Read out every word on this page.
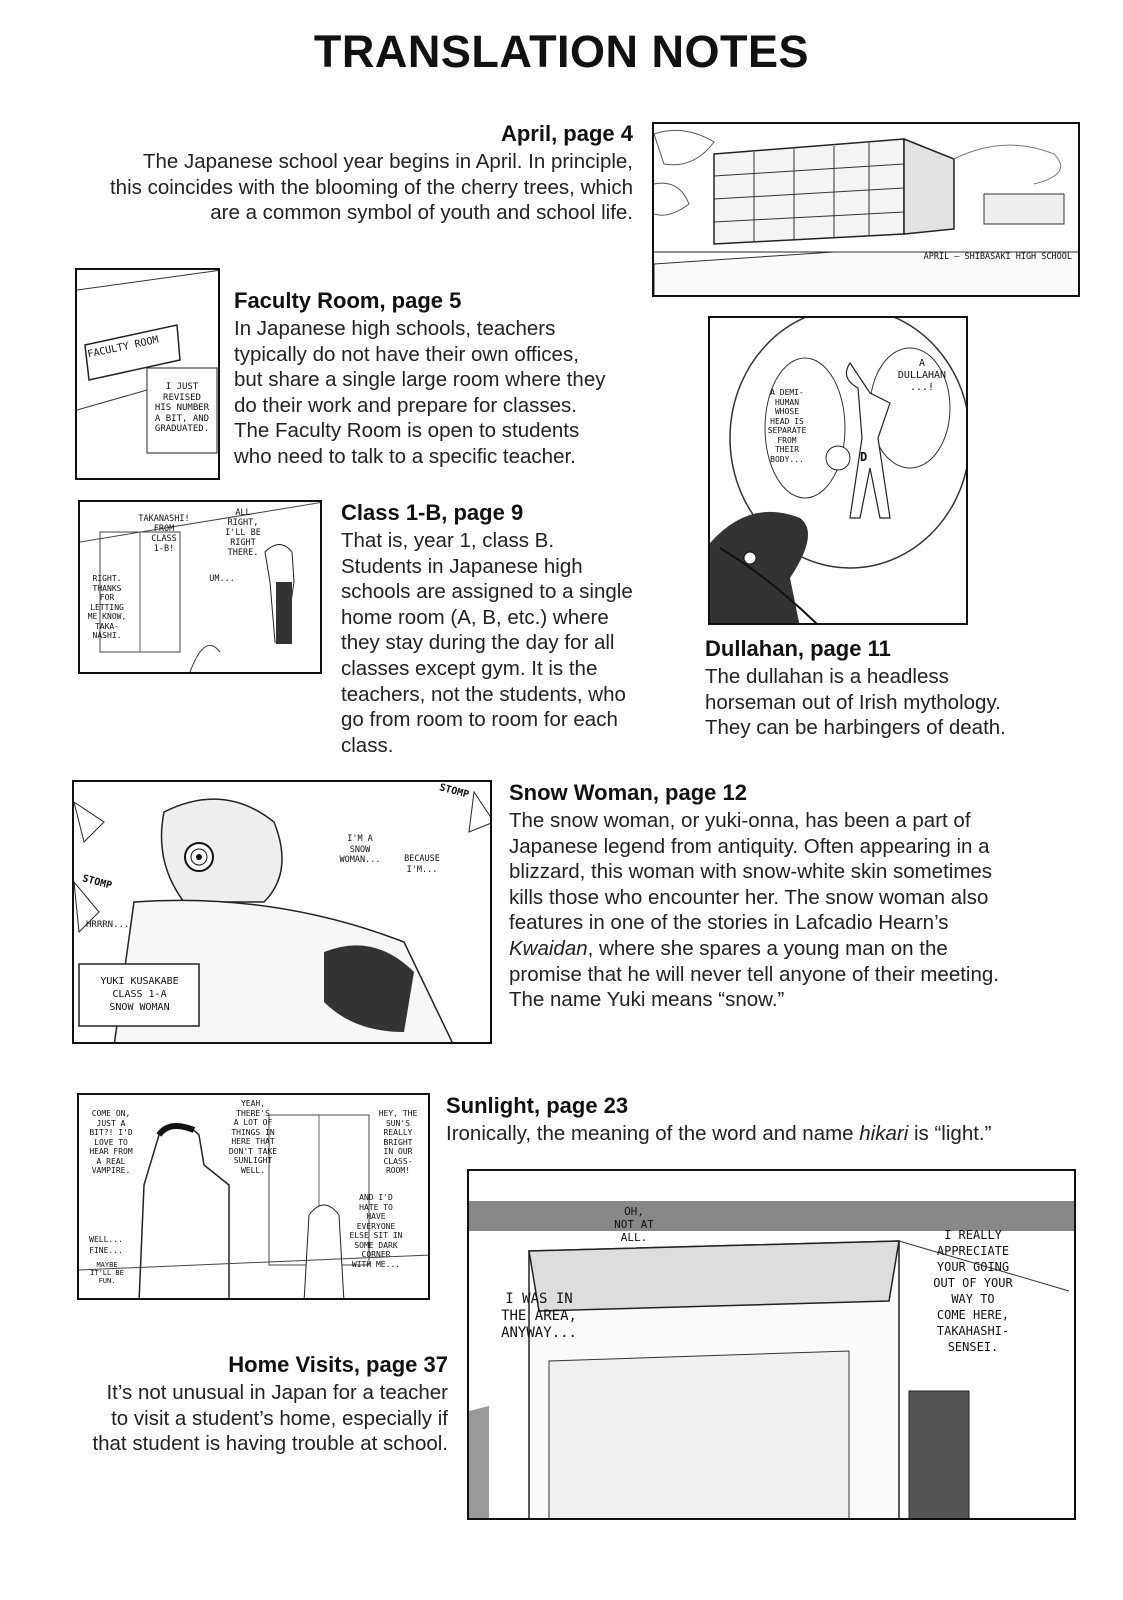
TRANSLATION NOTES

April, page 4

The Japanese school year begins in April. In principle,

this coincides with the blooming of the cherry trees, which

are a common symbol of youth and school life.

APRIL – SHIBASAKI HIGH SCHOOL
FACULTY ROOM
I JUST
REVISED
HIS NUMBER
A BIT, AND
GRADUATED.

Faculty Room, page 5

In Japanese high schools, teachers

typically do not have their own offices,

but share a single large room where they

do their work and prepare for classes.

The Faculty Room is open to students

who need to talk to a specific teacher.

A DEMI-
HUMAN
WHOSE
HEAD IS
SEPARATE
FROM
THEIR
BODY...
A
DULLAHAN
...!
D
TAKANASHI!
FROM
CLASS
1-B!
ALL
RIGHT,
I'LL BE
RIGHT
THERE.
UM...
RIGHT.
THANKS
FOR
LETTING
ME KNOW,
TAKA-
NASHI.

Class 1-B, page 9

That is, year 1, class B.

Students in Japanese high

schools are assigned to a single

home room (A, B, etc.) where

they stay during the day for all

classes except gym. It is the

teachers, not the students, who

go from room to room for each

class.

Dullahan, page 11

The dullahan is a headless

horseman out of Irish mythology.

They can be harbingers of death.

I'M A
SNOW
WOMAN...	BECAUSE
I'M...
YUKI KUSAKABE
CLASS 1-A
SNOW WOMAN
STOMP
STOMP
HRRRN...

Snow Woman, page 12

The snow woman, or yuki-onna, has been a part of

Japanese legend from antiquity. Often appearing in a

blizzard, this woman with snow-white skin sometimes

kills those who encounter her. The snow woman also

features in one of the stories in Lafcadio Hearn’s

Kwaidan, where she spares a young man on the

promise that he will never tell anyone of their meeting.

The name Yuki means “snow.”

COME ON,
JUST A
BIT?! I'D
LOVE TO
HEAR FROM
A REAL
VAMPIRE.
YEAH,
THERE'S
A LOT OF
THINGS IN
HERE THAT
DON'T TAKE
SUNLIGHT
WELL.
HEY, THE
SUN'S
REALLY
BRIGHT
IN OUR
CLASS-
ROOM!
AND I'D
HATE TO
HAVE
EVERYONE
ELSE SIT IN
SOME DARK
CORNER
WITH ME...
WELL...
FINE...
MAYBE
IT'LL BE
FUN.

Sunlight, page 23

Ironically, the meaning of the word and name hikari is “light.”

OH,
NOT AT
ALL.
I WAS IN
THE AREA,
ANYWAY...
I REALLY
APPRECIATE
YOUR GOING
OUT OF YOUR
WAY TO
COME HERE,
TAKAHASHI-
SENSEI.

Home Visits, page 37

It’s not unusual in Japan for a teacher

to visit a student’s home, especially if

that student is having trouble at school.
